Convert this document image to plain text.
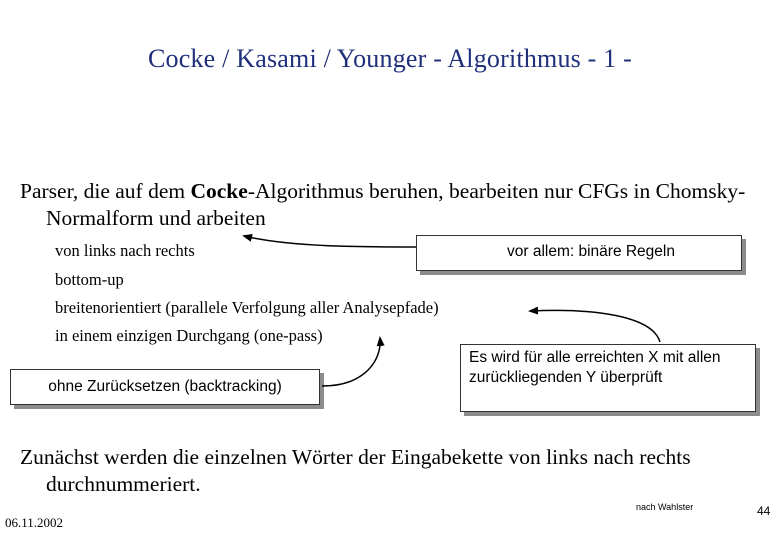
Cocke / Kasami / Younger - Algorithmus - 1 -
Parser, die auf dem Cocke-Algorithmus beruhen, bearbeiten nur CFGs in Chomsky-Normalform und arbeiten
von links nach rechts
bottom-up
breitenorientiert (parallele Verfolgung aller Analysepfade)
in einem einzigen Durchgang (one-pass)
vor allem: binäre Regeln
ohne Zurücksetzen (backtracking)
Es wird für alle erreichten X mit allen zurückliegenden Y überprüft
Zunächst werden die einzelnen Wörter der Eingabekette von links nach rechts durchnummeriert.
06.11.2002
nach Wahlster	44
